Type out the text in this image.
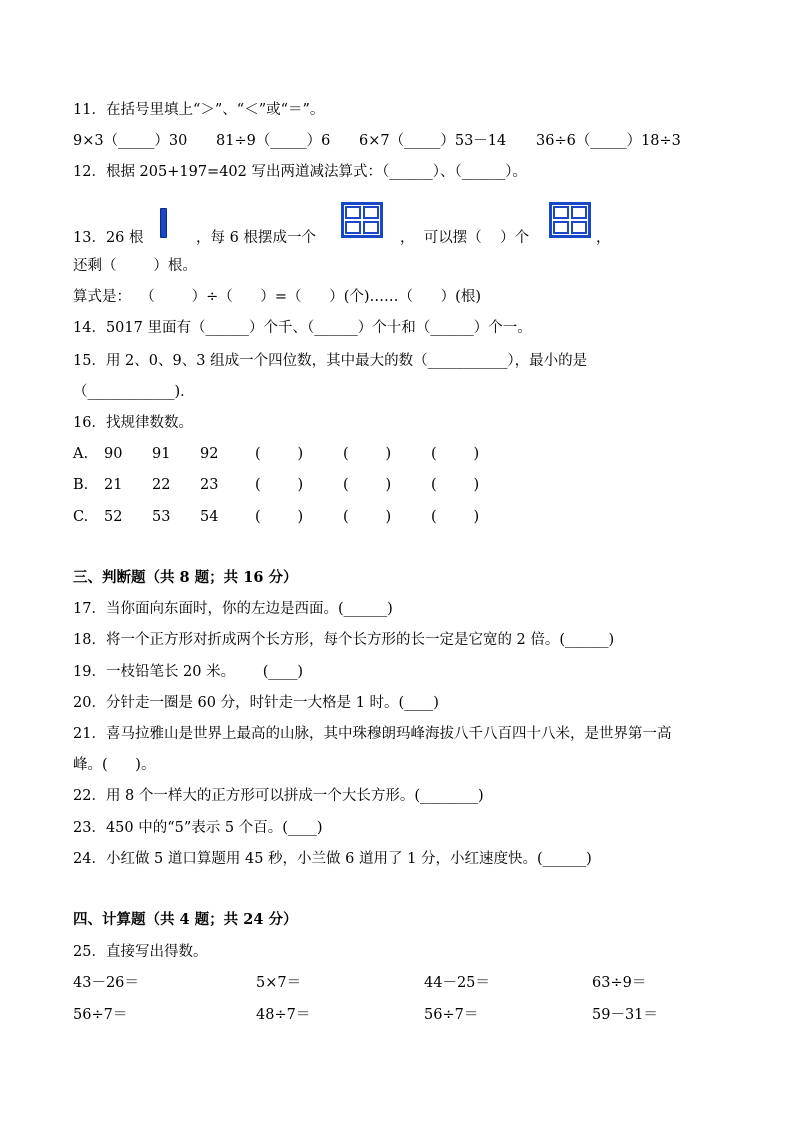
11．在括号里填上“＞”、“＜”或“＝”。
9×3（_____）30 81÷9（_____）6 6×7（_____）53－14 36÷6（_____）18÷3
12．根据 205+197=402 写出两道减法算式：（______）、（______）。
13．26 根	，每 6 根摆成一个	，  可以摆（    ）个	，
还剩（        ）根。
算式是：  （        ）÷（      ）=（      ）(个)……（      ）(根)
14．5017 里面有（______）个千、（______）个十和（______）个一。
15．用 2、0、9、3 组成一个四位数，其中最大的数（___________），最小的是
（____________)．
16．找规律数数。
A. 90 91 92	(        )	(        )	(        )
B. 21 22 23	(        )	(        )	(        )
C. 52 53 54	(        )	(        )	(        )
三、判断题（共 8 题；共 16 分）
17．当你面向东面时，你的左边是西面。(______)
18．将一个正方形对折成两个长方形，每个长方形的长一定是它宽的 2 倍。(______)
19．一枝铅笔长 20 米。      (____)
20．分针走一圈是 60 分，时针走一大格是 1 时。(____)
21．喜马拉雅山是世界上最高的山脉，其中珠穆朗玛峰海拔八千八百四十八米，是世界第一高
峰。(      )。
22．用 8 个一样大的正方形可以拼成一个大长方形。(________)
23．450 中的“5”表示 5 个百。(____)
24．小红做 5 道口算题用 45 秒，小兰做 6 道用了 1 分，小红速度快。(______)
四、计算题（共 4 题；共 24 分）
25．直接写出得数。
43－26＝	5×7＝	44－25＝	63÷9＝
56÷7＝	48÷7＝	56÷7＝	59－31＝
